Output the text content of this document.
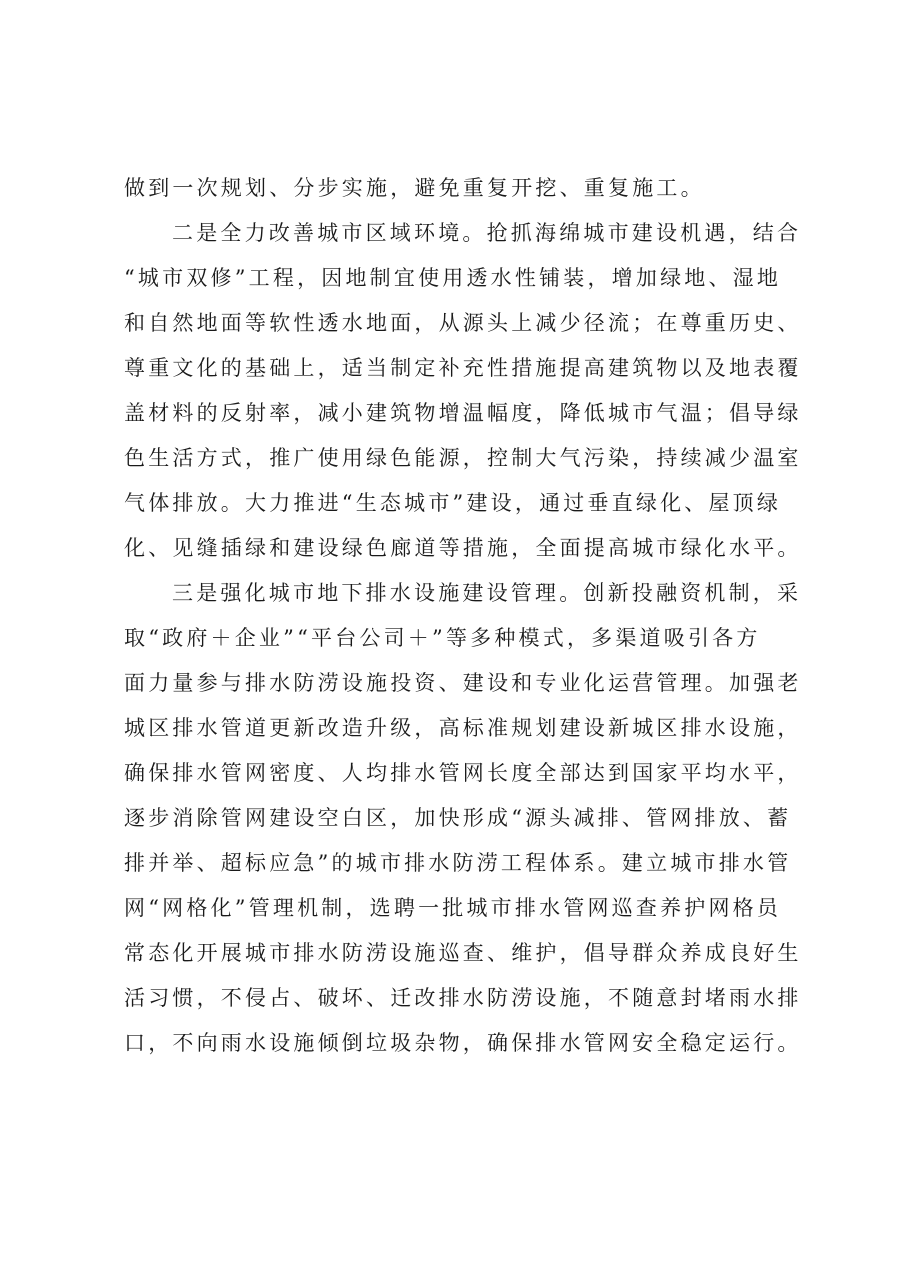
做到一次规划、分步实施，避免重复开挖、重复施工。
二是全力改善城市区域环境。抢抓海绵城市建设机遇，结合
“城市双修”工程，因地制宜使用透水性铺装，增加绿地、湿地
和自然地面等软性透水地面，从源头上减少径流；在尊重历史、
尊重文化的基础上，适当制定补充性措施提高建筑物以及地表覆
盖材料的反射率，减小建筑物增温幅度，降低城市气温；倡导绿
色生活方式，推广使用绿色能源，控制大气污染，持续减少温室
气体排放。大力推进“生态城市”建设，通过垂直绿化、屋顶绿
化、见缝插绿和建设绿色廊道等措施，全面提高城市绿化水平。
三是强化城市地下排水设施建设管理。创新投融资机制，采
取“政府＋企业”“平台公司＋”等多种模式，多渠道吸引各方
面力量参与排水防涝设施投资、建设和专业化运营管理。加强老
城区排水管道更新改造升级，高标准规划建设新城区排水设施，
确保排水管网密度、人均排水管网长度全部达到国家平均水平，
逐步消除管网建设空白区，加快形成“源头减排、管网排放、蓄
排并举、超标应急”的城市排水防涝工程体系。建立城市排水管
网“网格化”管理机制，选聘一批城市排水管网巡查养护网格员
常态化开展城市排水防涝设施巡查、维护，倡导群众养成良好生
活习惯，不侵占、破坏、迁改排水防涝设施，不随意封堵雨水排
口，不向雨水设施倾倒垃圾杂物，确保排水管网安全稳定运行。
